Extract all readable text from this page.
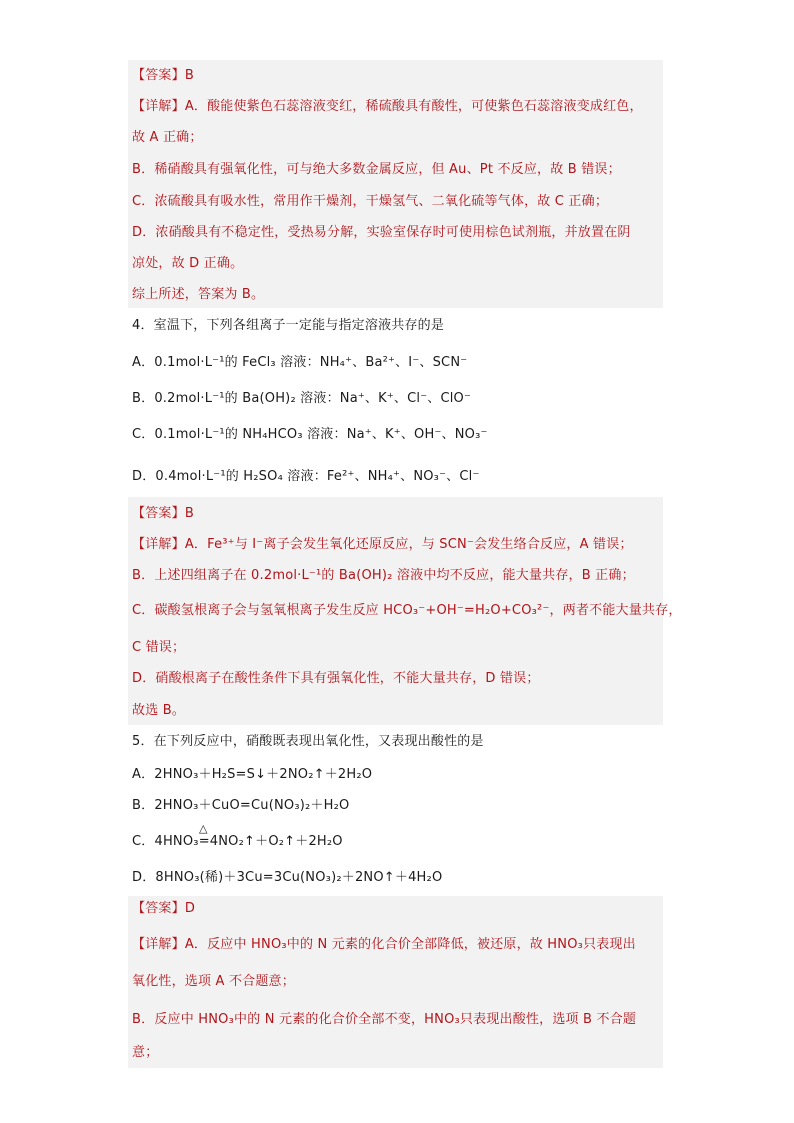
【答案】B
【详解】A．酸能使紫色石蕊溶液变红，稀硫酸具有酸性，可使紫色石蕊溶液变成红色，
故 A 正确；
B．稀硝酸具有强氧化性，可与绝大多数金属反应，但 Au、Pt 不反应，故 B 错误；
C．浓硫酸具有吸水性，常用作干燥剂，干燥氢气、二氧化硫等气体，故 C 正确；
D．浓硝酸具有不稳定性，受热易分解，实验室保存时可使用棕色试剂瓶，并放置在阴
凉处，故 D 正确。
综上所述，答案为 B。
4．室温下，下列各组离子一定能与指定溶液共存的是
A．0.1mol·L⁻¹的 FeCl₃ 溶液：NH₄⁺、Ba²⁺、I⁻、SCN⁻
B．0.2mol·L⁻¹的 Ba(OH)₂ 溶液：Na⁺、K⁺、Cl⁻、ClO⁻
C．0.1mol·L⁻¹的 NH₄HCO₃ 溶液：Na⁺、K⁺、OH⁻、NO₃⁻
D．0.4mol·L⁻¹的 H₂SO₄ 溶液：Fe²⁺、NH₄⁺、NO₃⁻、Cl⁻
【答案】B
【详解】A．Fe³⁺与 I⁻离子会发生氧化还原反应，与 SCN⁻会发生络合反应，A 错误；
B．上述四组离子在 0.2mol·L⁻¹的 Ba(OH)₂ 溶液中均不反应，能大量共存，B 正确；
C．碳酸氢根离子会与氢氧根离子发生反应 HCO₃⁻+OH⁻=H₂O+CO₃²⁻，两者不能大量共存，
C 错误；
D．硝酸根离子在酸性条件下具有强氧化性，不能大量共存，D 错误；
故选 B。
5．在下列反应中，硝酸既表现出氧化性，又表现出酸性的是
A．2HNO₃＋H₂S=S↓＋2NO₂↑＋2H₂O
B．2HNO₃＋CuO=Cu(NO₃)₂＋H₂O
△
C．4HNO₃=4NO₂↑＋O₂↑＋2H₂O
D．8HNO₃(稀)＋3Cu=3Cu(NO₃)₂＋2NO↑＋4H₂O
【答案】D
【详解】A．反应中 HNO₃中的 N 元素的化合价全部降低，被还原，故 HNO₃只表现出
氧化性，选项 A 不合题意；
B．反应中 HNO₃中的 N 元素的化合价全部不变，HNO₃只表现出酸性，选项 B 不合题
意；
